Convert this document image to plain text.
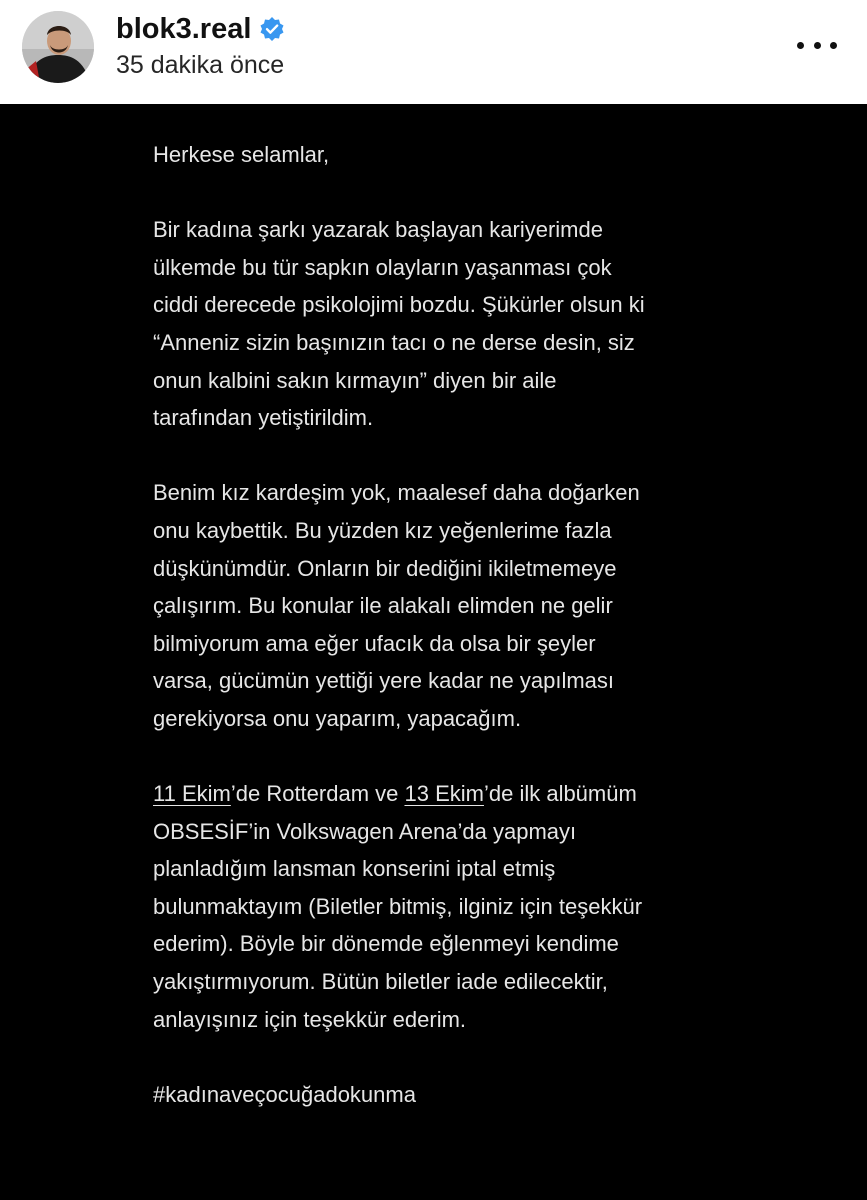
blok3.real
35 dakika önce

Herkese selamlar,

Bir kadına şarkı yazarak başlayan kariyerimde

ülkemde bu tür sapkın olayların yaşanması çok

ciddi derecede psikolojimi bozdu. Şükürler olsun ki

“Anneniz sizin başınızın tacı o ne derse desin, siz

onun kalbini sakın kırmayın” diyen bir aile

tarafından yetiştirildim.

Benim kız kardeşim yok, maalesef daha doğarken

onu kaybettik. Bu yüzden kız yeğenlerime fazla

düşkünümdür. Onların bir dediğini ikiletmemeye

çalışırım. Bu konular ile alakalı elimden ne gelir

bilmiyorum ama eğer ufacık da olsa bir şeyler

varsa, gücümün yettiği yere kadar ne yapılması

gerekiyorsa onu yaparım, yapacağım.

11 Ekim’de Rotterdam ve 13 Ekim’de ilk albümüm

OBSESİF’in Volkswagen Arena’da yapmayı

planladığım lansman konserini iptal etmiş

bulunmaktayım (Biletler bitmiş, ilginiz için teşekkür

ederim). Böyle bir dönemde eğlenmeyi kendime

yakıştırmıyorum. Bütün biletler iade edilecektir,

anlayışınız için teşekkür ederim.

#kadınaveçocuğadokunma
